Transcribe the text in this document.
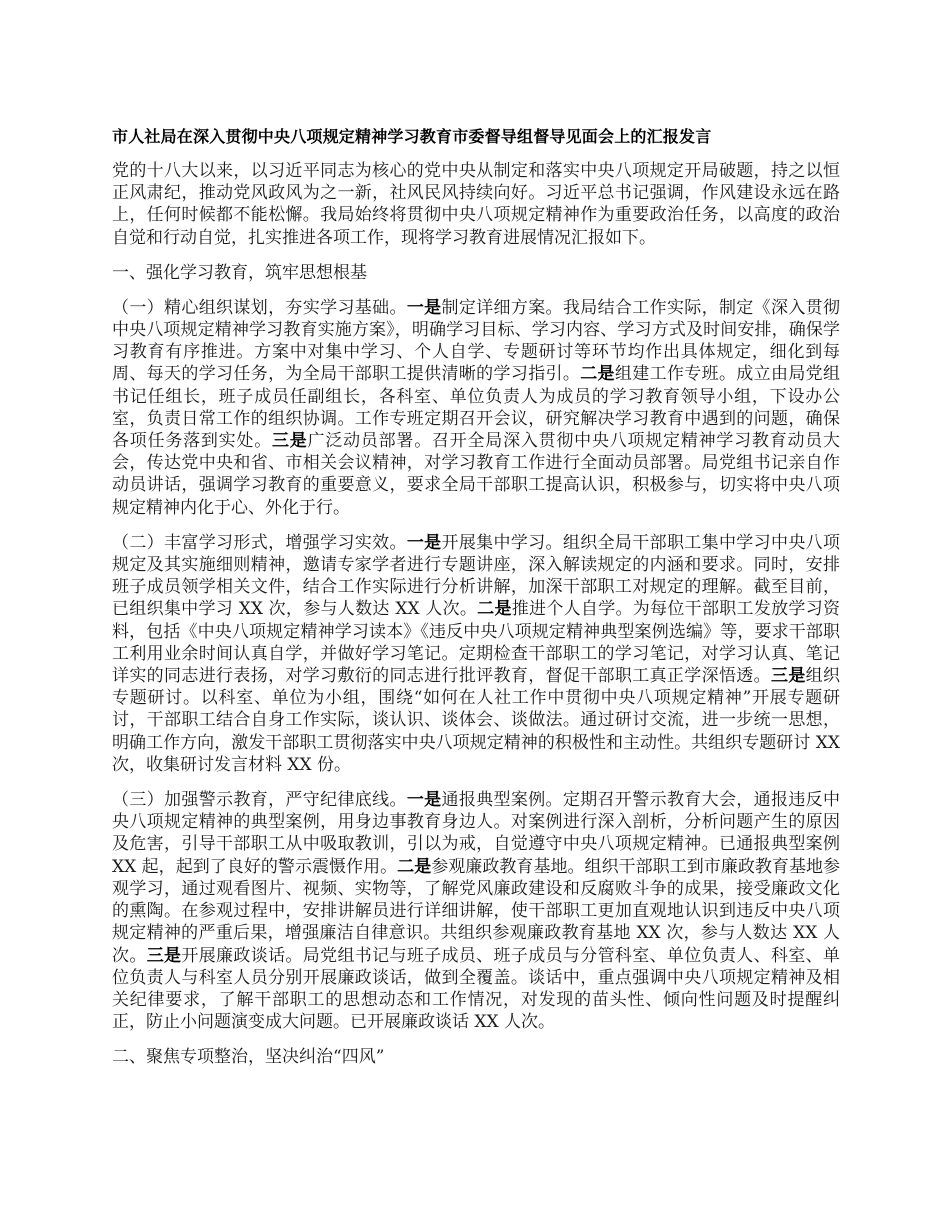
市人社局在深入贯彻中央八项规定精神学习教育市委督导组督导见面会上的汇报发言

党的十八大以来，以习近平同志为核心的党中央从制定和落实中央八项规定开局破题，持之以恒正风肃纪，推动党风政风为之一新，社风民风持续向好。习近平总书记强调，作风建设永远在路上，任何时候都不能松懈。我局始终将贯彻中央八项规定精神作为重要政治任务，以高度的政治自觉和行动自觉，扎实推进各项工作，现将学习教育进展情况汇报如下。

一、强化学习教育，筑牢思想根基

（一）精心组织谋划，夯实学习基础。一是制定详细方案。我局结合工作实际，制定《深入贯彻中央八项规定精神学习教育实施方案》，明确学习目标、学习内容、学习方式及时间安排，确保学习教育有序推进。方案中对集中学习、个人自学、专题研讨等环节均作出具体规定，细化到每周、每天的学习任务，为全局干部职工提供清晰的学习指引。二是组建工作专班。成立由局党组书记任组长，班子成员任副组长，各科室、单位负责人为成员的学习教育领导小组，下设办公室，负责日常工作的组织协调。工作专班定期召开会议，研究解决学习教育中遇到的问题，确保各项任务落到实处。三是广泛动员部署。召开全局深入贯彻中央八项规定精神学习教育动员大会，传达党中央和省、市相关会议精神，对学习教育工作进行全面动员部署。局党组书记亲自作动员讲话，强调学习教育的重要意义，要求全局干部职工提高认识，积极参与，切实将中央八项规定精神内化于心、外化于行。

（二）丰富学习形式，增强学习实效。一是开展集中学习。组织全局干部职工集中学习中央八项规定及其实施细则精神，邀请专家学者进行专题讲座，深入解读规定的内涵和要求。同时，安排班子成员领学相关文件，结合工作实际进行分析讲解，加深干部职工对规定的理解。截至目前，已组织集中学习 XX 次，参与人数达 XX 人次。二是推进个人自学。为每位干部职工发放学习资料，包括《中央八项规定精神学习读本》《违反中央八项规定精神典型案例选编》等，要求干部职工利用业余时间认真自学，并做好学习笔记。定期检查干部职工的学习笔记，对学习认真、笔记详实的同志进行表扬，对学习敷衍的同志进行批评教育，督促干部职工真正学深悟透。三是组织专题研讨。以科室、单位为小组，围绕“如何在人社工作中贯彻中央八项规定精神”开展专题研讨，干部职工结合自身工作实际，谈认识、谈体会、谈做法。通过研讨交流，进一步统一思想，明确工作方向，激发干部职工贯彻落实中央八项规定精神的积极性和主动性。共组织专题研讨 XX 次，收集研讨发言材料 XX 份。

（三）加强警示教育，严守纪律底线。一是通报典型案例。定期召开警示教育大会，通报违反中央八项规定精神的典型案例，用身边事教育身边人。对案例进行深入剖析，分析问题产生的原因及危害，引导干部职工从中吸取教训，引以为戒，自觉遵守中央八项规定精神。已通报典型案例 XX 起，起到了良好的警示震慑作用。二是参观廉政教育基地。组织干部职工到市廉政教育基地参观学习，通过观看图片、视频、实物等，了解党风廉政建设和反腐败斗争的成果，接受廉政文化的熏陶。在参观过程中，安排讲解员进行详细讲解，使干部职工更加直观地认识到违反中央八项规定精神的严重后果，增强廉洁自律意识。共组织参观廉政教育基地 XX 次，参与人数达 XX 人次。三是开展廉政谈话。局党组书记与班子成员、班子成员与分管科室、单位负责人、科室、单位负责人与科室人员分别开展廉政谈话，做到全覆盖。谈话中，重点强调中央八项规定精神及相关纪律要求，了解干部职工的思想动态和工作情况，对发现的苗头性、倾向性问题及时提醒纠正，防止小问题演变成大问题。已开展廉政谈话 XX 人次。

二、聚焦专项整治，坚决纠治“四风”
